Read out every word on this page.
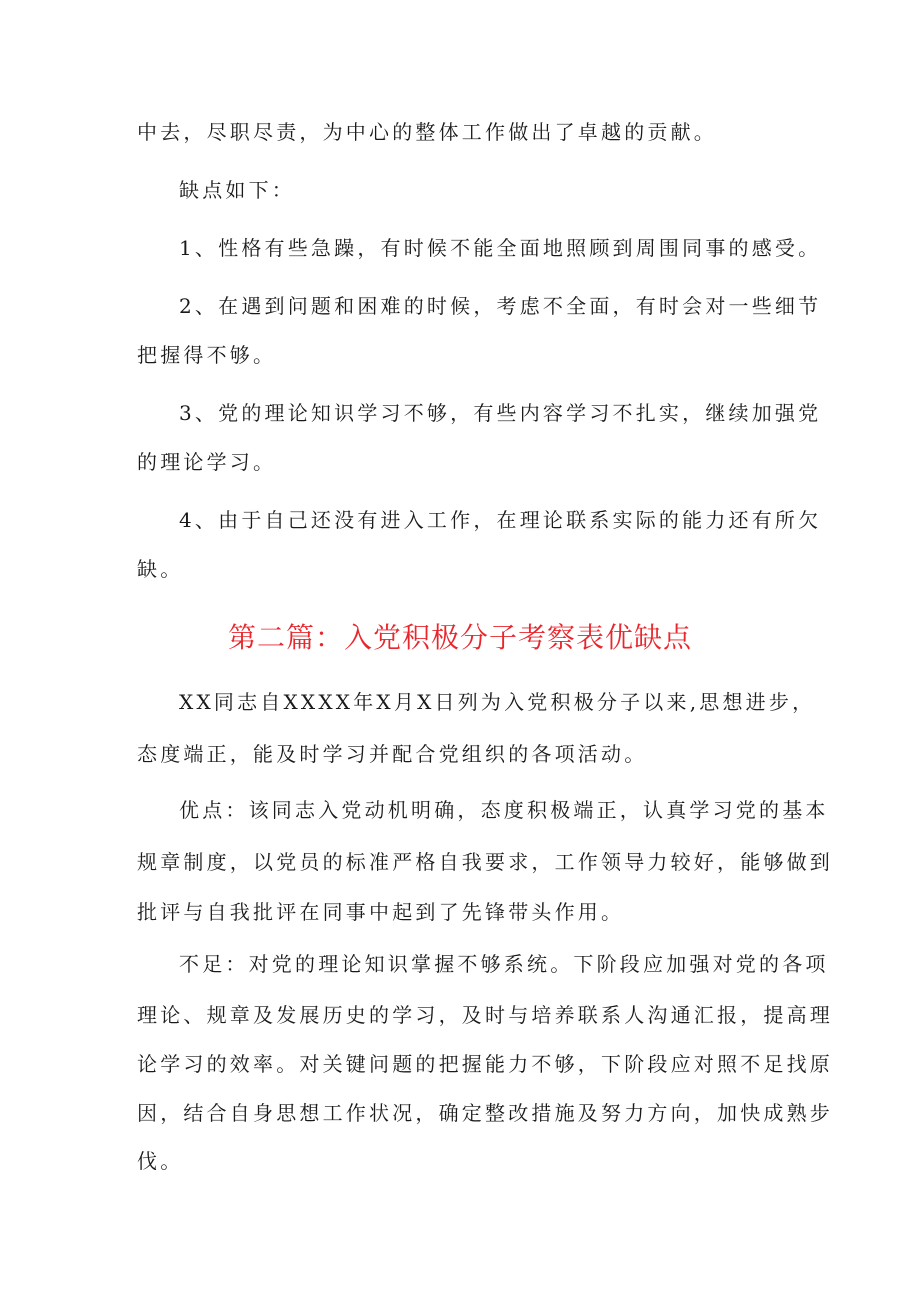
中去，尽职尽责，为中心的整体工作做出了卓越的贡献。
缺点如下：
1、性格有些急躁，有时候不能全面地照顾到周围同事的感受。
2、在遇到问题和困难的时候，考虑不全面，有时会对一些细节
把握得不够。
3、党的理论知识学习不够，有些内容学习不扎实，继续加强党
的理论学习。
4、由于自己还没有进入工作，在理论联系实际的能力还有所欠
缺。
第二篇：入党积极分子考察表优缺点
XX同志自XXXX年X月X日列为入党积极分子以来,思想进步，
态度端正，能及时学习并配合党组织的各项活动。
优点：该同志入党动机明确，态度积极端正，认真学习党的基本
规章制度，以党员的标准严格自我要求，工作领导力较好，能够做到
批评与自我批评在同事中起到了先锋带头作用。
不足：对党的理论知识掌握不够系统。下阶段应加强对党的各项
理论、规章及发展历史的学习，及时与培养联系人沟通汇报，提高理
论学习的效率。对关键问题的把握能力不够，下阶段应对照不足找原
因，结合自身思想工作状况，确定整改措施及努力方向，加快成熟步
伐。
